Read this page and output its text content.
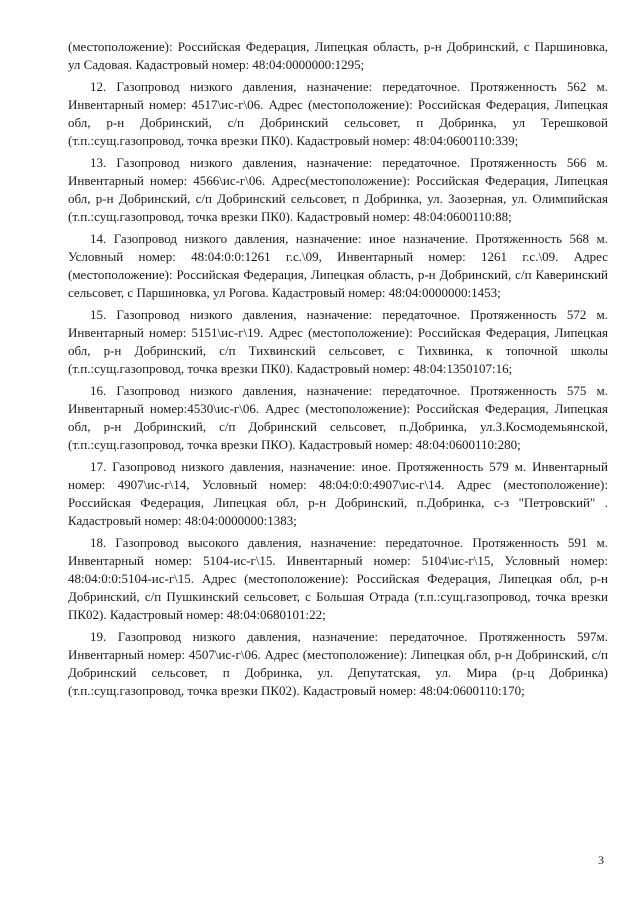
(местоположение): Российская Федерация, Липецкая область, р-н Добринский, с Паршиновка, ул Садовая. Кадастровый номер: 48:04:0000000:1295;

12. Газопровод низкого давления, назначение: передаточное. Протяженность 562 м. Инвентарный номер: 4517\ис-г\06. Адрес (местоположение): Российская Федерация, Липецкая обл, р-н Добринский, с/п Добринский сельсовет, п Добринка, ул Терешковой (т.п.:сущ.газопровод, точка врезки ПК0). Кадастровый номер: 48:04:0600110:339;

13. Газопровод низкого давления, назначение: передаточное. Протяженность 566 м. Инвентарный номер: 4566\ис-г\06. Адрес(местоположение): Российская Федерация, Липецкая обл, р-н Добринский, с/п Добринский сельсовет, п Добринка, ул. Заозерная, ул. Олимпийская (т.п.:сущ.газопровод, точка врезки ПК0). Кадастровый номер: 48:04:0600110:88;

14. Газопровод низкого давления, назначение: иное назначение. Протяженность 568 м. Условный номер: 48:04:0:0:1261 г.с.\09, Инвентарный номер: 1261 г.с.\09. Адрес (местоположение): Российская Федерация, Липецкая область, р-н Добринский, с/п Каверинский сельсовет, с Паршиновка, ул Рогова. Кадастровый номер: 48:04:0000000:1453;

15. Газопровод низкого давления, назначение: передаточное. Протяженность 572 м. Инвентарный номер: 5151\ис-г\19. Адрес (местоположение): Российская Федерация, Липецкая обл, р-н Добринский, с/п Тихвинский сельсовет, с Тихвинка, к топочной школы (т.п.:сущ.газопровод, точка врезки ПК0). Кадастровый номер: 48:04:1350107:16;

16. Газопровод низкого давления, назначение: передаточное. Протяженность 575 м. Инвентарный номер:4530\ис-г\06. Адрес (местоположение): Российская Федерация, Липецкая обл, р-н Добринский, с/п Добринский сельсовет, п.Добринка, ул.З.Космодемьянской, (т.п.:сущ.газопровод, точка врезки ПКО). Кадастровый номер: 48:04:0600110:280;

17. Газопровод низкого давления, назначение: иное. Протяженность 579 м. Инвентарный номер: 4907\ис-г\14, Условный номер: 48:04:0:0:4907\ис-г\14. Адрес (местоположение): Российская Федерация, Липецкая обл, р-н Добринский, п.Добринка, с-з "Петровский" . Кадастровый номер: 48:04:0000000:1383;

18. Газопровод высокого давления, назначение: передаточное. Протяженность 591 м. Инвентарный номер: 5104-ис-г\15. Инвентарный номер: 5104\ис-г\15, Условный номер: 48:04:0:0:5104-ис-г\15. Адрес (местоположение): Российская Федерация, Липецкая обл, р-н Добринский, с/п Пушкинский сельсовет, с Большая Отрада (т.п.:сущ.газопровод, точка врезки ПК02). Кадастровый номер: 48:04:0680101:22;

19. Газопровод низкого давления, назначение: передаточное. Протяженность 597м. Инвентарный номер: 4507\ис-г\06. Адрес (местоположение): Липецкая обл, р-н Добринский, с/п Добринский сельсовет, п Добринка, ул. Депутатская, ул. Мира (р-ц Добринка) (т.п.:сущ.газопровод, точка врезки ПК02). Кадастровый номер: 48:04:0600110:170;

3
